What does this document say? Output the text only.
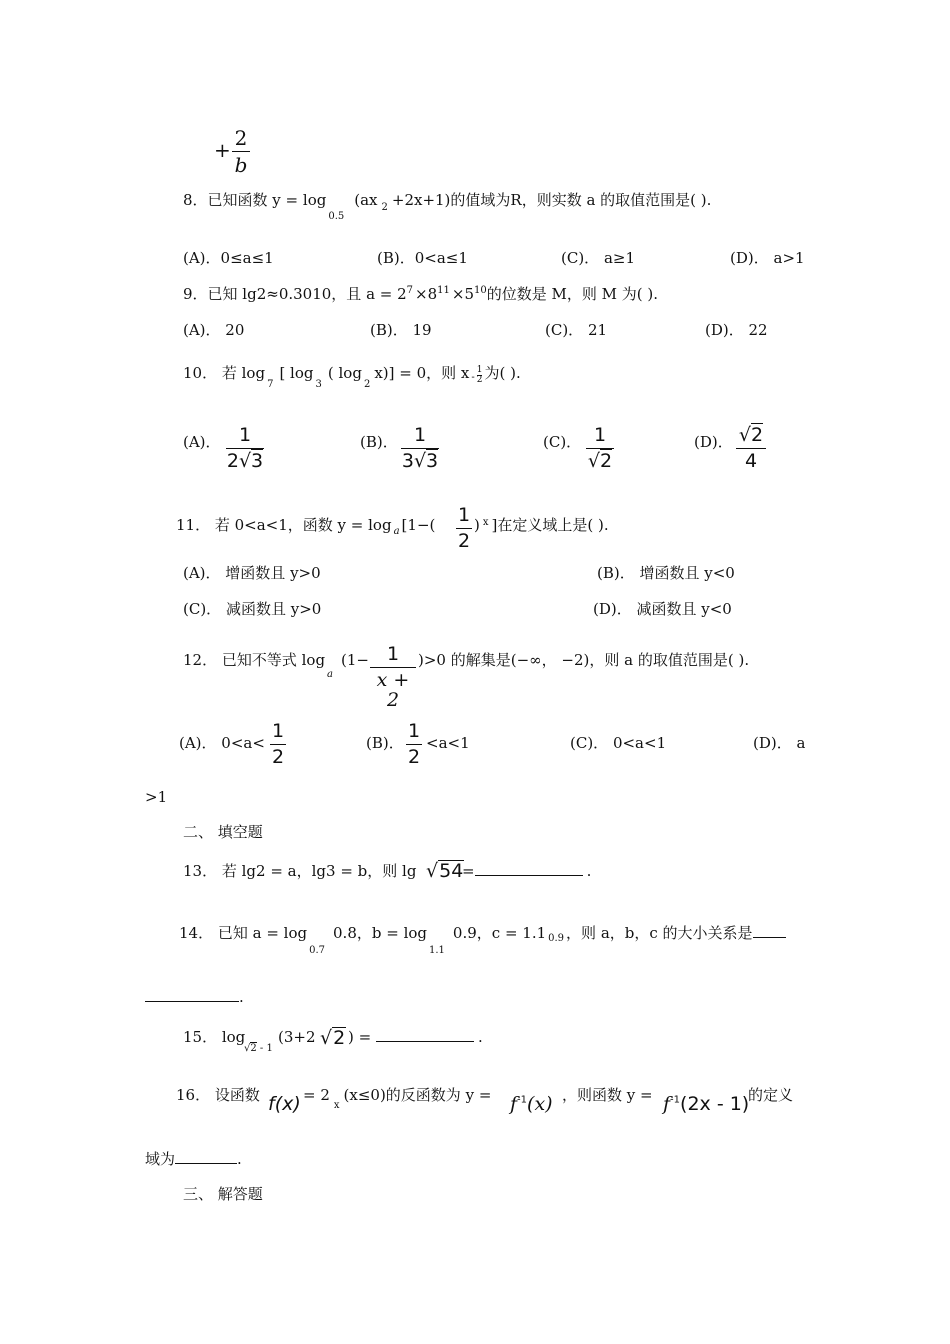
+ 2
b
8．已知函数 $y = \log_{0.5}(ax$ $_2$ +2x+1)的值域为R，则实数 a 的取值范围是( ).
(A)．0≤a≤1	(B)．0<a≤1	(C)． a≥1	(D)． a>1
9．已知 lg2≈0.3010，且 $a = 2^7 \times 8^{11} \times 5^{10}$的位数是 M，则 M 为( ).
(A)． 20	(B)． 19	(C)． 21	(D)． 22
10． 若 $\log_7$[ $\log_3$( $\log_2x)] = 0$，则 x - $\frac{1}{2}$ 为( ).
(A)． 1
2√3
(B)． 1
3√3
(C)． 1
√2
(D)． √2
4
11． 若 0<a<1，函数 y = log $_a$ [1−( 1
2
) $^x$ ]在定义域上是( ).
(A)． 增函数且 y>0	(B)． 增函数且 y<0
(C)． 减函数且 y>0	(D)． 减函数且 y<0
12． 已知不等式 log
a
(1− 1
x + 2
)>0 的解集是(−∞， −2)，则 a 的取值范围是( ).
(A)． 0<a<
1
2
(B)．
1
2
<a<1	(C)． 0<a<1	(D)． a
>1
二、 填空题
13． 若 lg2 = a，lg3 = b，则 lg √54
=	.
14． 已知 $a = \log_{0.7}0.8$，$b = \log_{1.1}0.9$，c = 1.1 $_{0.9}$ ，则 a，b，c 的大小关系是
.
15． log
√2 - 1
(3+2 √2 ) =	.
16． 设函数 $f(x) = 2_x(x\le 0)$的反函数为 $y = f^{-1}(x)$ ，则函数 $y = f^{-1}(2x - 1)$
的定义
域为	.
三、 解答题
